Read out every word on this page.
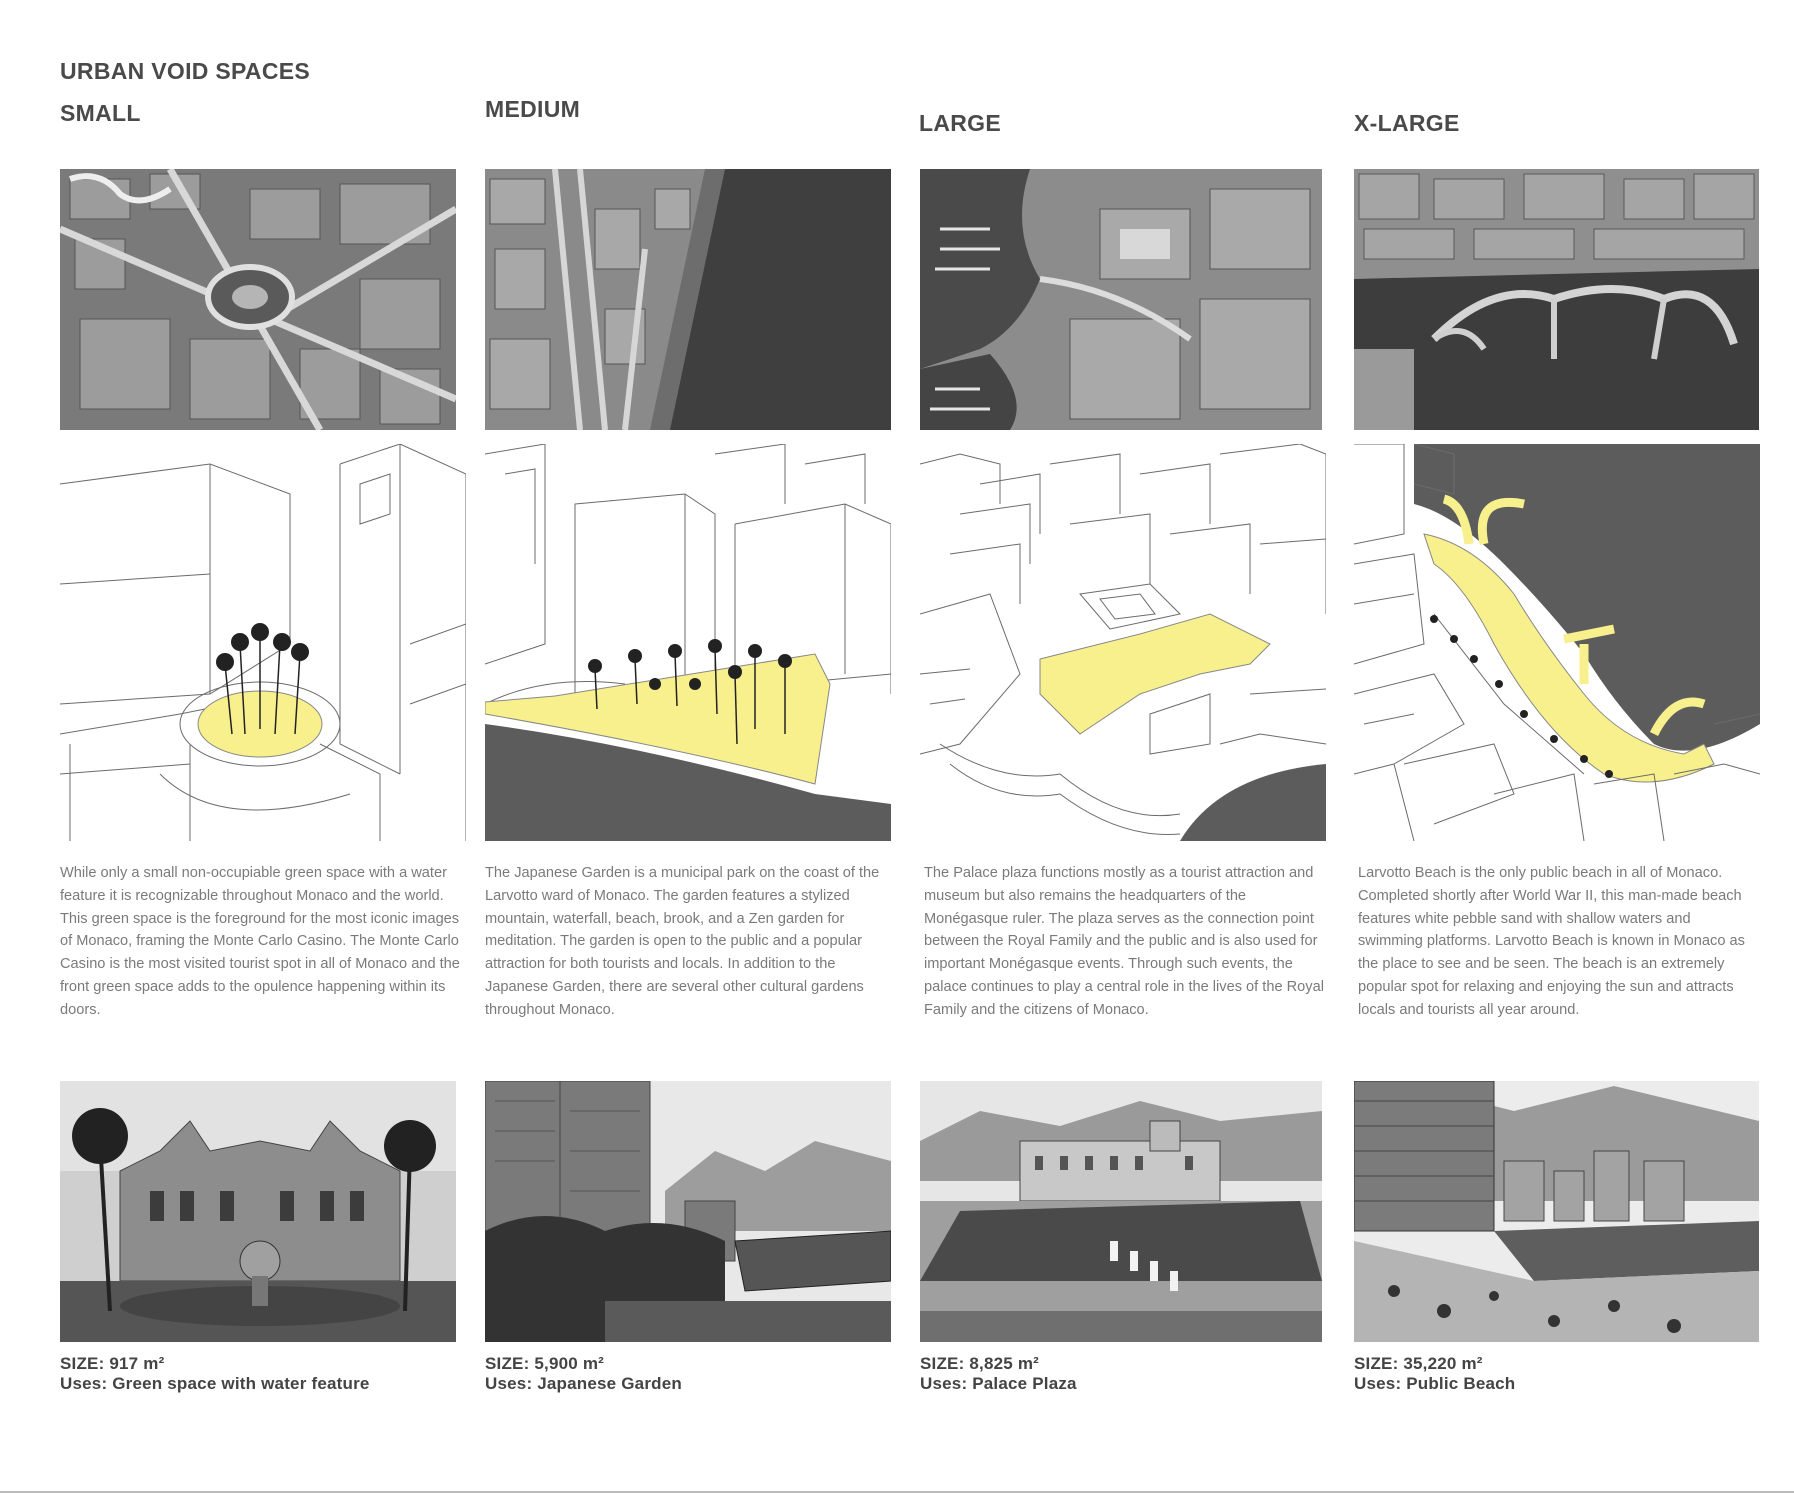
URBAN VOID SPACES
SMALL	MEDIUM
LARGE	X-LARGE
While only a small non-occupiable green space with a water feature it is recognizable throughout Monaco and the world. This green space is the foreground for the most iconic images of Monaco, framing the Monte Carlo Casino. The Monte Carlo Casino is the most visited tourist spot in all of Monaco and the front green space adds to the opulence happening within its doors.
The Japanese Garden is a municipal park on the coast of the Larvotto ward of Monaco. The garden features a stylized mountain, waterfall, beach, brook, and a Zen garden for meditation. The garden is open to the public and a popular attraction for both tourists and locals. In addition to the Japanese Garden, there are several other cultural gardens throughout Monaco.
The Palace plaza functions mostly as a tourist attraction and museum but also remains the headquarters of the Monégasque ruler. The plaza serves as the connection point between the Royal Family and the public and is also used for important Monégasque events. Through such events, the palace continues to play a central role in the lives of the Royal Family and the citizens of Monaco.
Larvotto Beach is the only public beach in all of Monaco. Completed shortly after World War II, this man-made beach features white pebble sand with shallow waters and swimming platforms. Larvotto Beach is known in Monaco as the place to see and be seen. The beach is an extremely popular spot for relaxing and enjoying the sun and attracts locals and tourists all year around.
SIZE: 917 m²
Uses: Green space with water feature
SIZE: 5,900 m²
Uses: Japanese Garden
SIZE: 8,825 m²
Uses: Palace Plaza
SIZE: 35,220 m²
Uses: Public Beach
